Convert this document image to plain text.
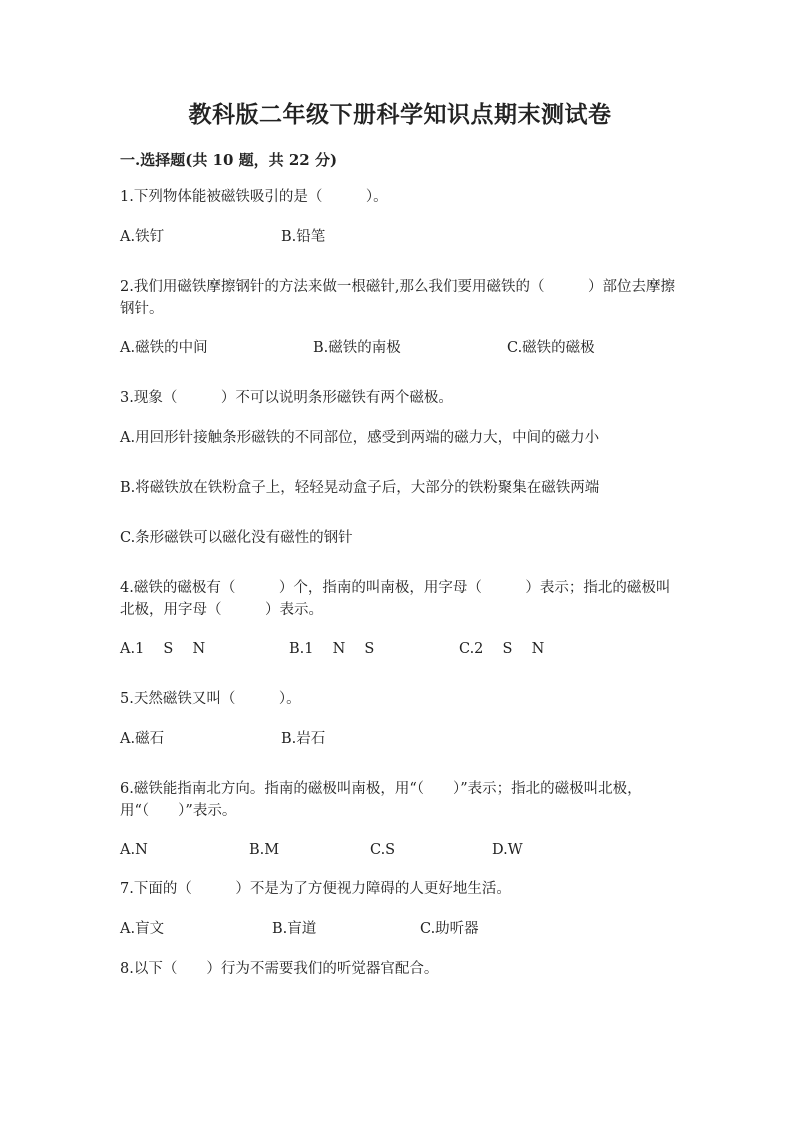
教科版二年级下册科学知识点期末测试卷
一.选择题(共 10 题，共 22 分)
1.下列物体能被磁铁吸引的是（　　　）。
A.铁钉	B.铅笔
2.我们用磁铁摩擦钢针的方法来做一根磁针,那么我们要用磁铁的（　　　）部位去摩擦钢针。
A.磁铁的中间	B.磁铁的南极	C.磁铁的磁极
3.现象（　　　）不可以说明条形磁铁有两个磁极。
A.用回形针接触条形磁铁的不同部位，感受到两端的磁力大，中间的磁力小
B.将磁铁放在铁粉盒子上，轻轻晃动盒子后，大部分的铁粉聚集在磁铁两端
C.条形磁铁可以磁化没有磁性的钢针
4.磁铁的磁极有（　　　）个，指南的叫南极，用字母（　　　）表示；指北的磁极叫北极，用字母（　　　）表示。
A.1　 S　 N	B.1　 N　 S	C.2　 S　 N
5.天然磁铁又叫（　　　）。
A.磁石	B.岩石
6.磁铁能指南北方向。指南的磁极叫南极，用“（　　）”表示；指北的磁极叫北极，用“（　　）”表示。
A.N	B.M	C.S	D.W
7.下面的（　　　）不是为了方便视力障碍的人更好地生活。
A.盲文	B.盲道	C.助听器
8.以下（　　）行为不需要我们的听觉器官配合。
